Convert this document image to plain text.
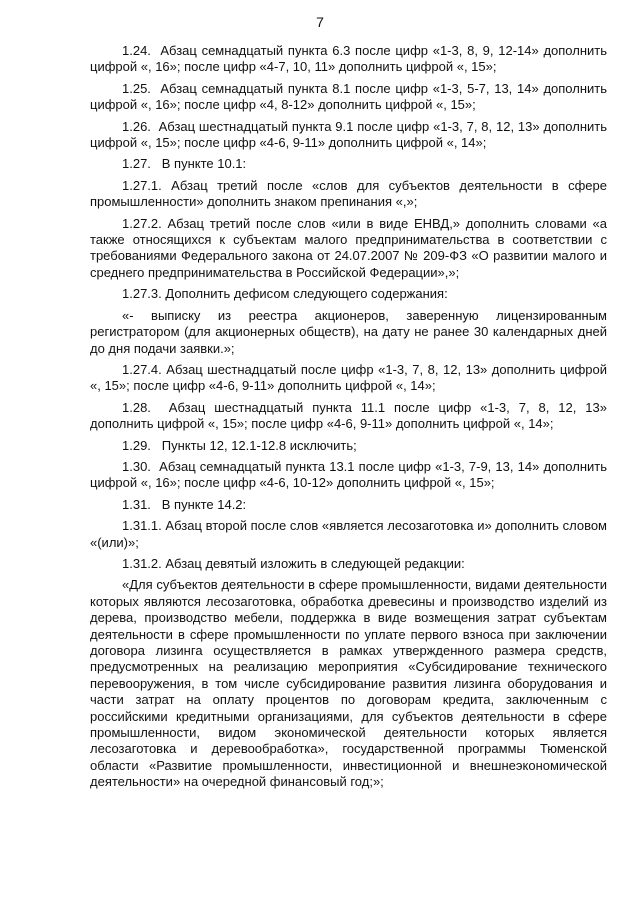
7

1.24.  Абзац семнадцатый пункта 6.3 после цифр «1-3, 8, 9, 12-14» дополнить цифрой «, 16»; после цифр «4-7, 10, 11» дополнить цифрой «, 15»;

1.25.  Абзац семнадцатый пункта 8.1 после цифр «1-3, 5-7, 13, 14» дополнить цифрой «, 16»; после цифр «4, 8-12» дополнить цифрой «, 15»;

1.26.  Абзац шестнадцатый пункта 9.1 после цифр «1-3, 7, 8, 12, 13» дополнить цифрой «, 15»; после цифр «4-6, 9-11» дополнить цифрой «, 14»;

1.27.   В пункте 10.1:

1.27.1. Абзац третий после «слов для субъектов деятельности в сфере промышленности» дополнить знаком препинания «,»;

1.27.2. Абзац третий после слов «или в виде ЕНВД,» дополнить словами «а также относящихся к субъектам малого предпринимательства в соответствии с требованиями Федерального закона от 24.07.2007 № 209-ФЗ «О развитии малого и среднего предпринимательства в Российской Федерации»,»;

1.27.3. Дополнить дефисом следующего содержания:

«- выписку из реестра акционеров, заверенную лицензированным регистратором (для акционерных обществ), на дату не ранее 30 календарных дней до дня подачи заявки.»;

1.27.4. Абзац шестнадцатый после цифр «1-3, 7, 8, 12, 13» дополнить цифрой «, 15»; после цифр «4-6, 9-11» дополнить цифрой «, 14»;

1.28.  Абзац шестнадцатый пункта 11.1 после цифр «1-3, 7, 8, 12, 13» дополнить цифрой «, 15»; после цифр «4-6, 9-11» дополнить цифрой «, 14»;

1.29.   Пункты 12, 12.1-12.8 исключить;

1.30.  Абзац семнадцатый пункта 13.1 после цифр «1-3, 7-9, 13, 14» дополнить цифрой «, 16»; после цифр «4-6, 10-12» дополнить цифрой «, 15»;

1.31.   В пункте 14.2:

1.31.1. Абзац второй после слов «является лесозаготовка и» дополнить словом «(или)»;

1.31.2. Абзац девятый изложить в следующей редакции:

«Для субъектов деятельности в сфере промышленности, видами деятельности которых являются лесозаготовка, обработка древесины и производство изделий из дерева, производство мебели, поддержка в виде возмещения затрат субъектам деятельности в сфере промышленности по уплате первого взноса при заключении договора лизинга осуществляется в рамках утвержденного размера средств, предусмотренных на реализацию мероприятия «Субсидирование технического перевооружения, в том числе субсидирование развития лизинга оборудования и части затрат на оплату процентов по договорам кредита, заключенным с российскими кредитными организациями, для субъектов деятельности в сфере промышленности, видом экономической деятельности которых является лесозаготовка и деревообработка», государственной программы Тюменской области «Развитие промышленности, инвестиционной и внешнеэкономической деятельности» на очередной финансовый год;»;
